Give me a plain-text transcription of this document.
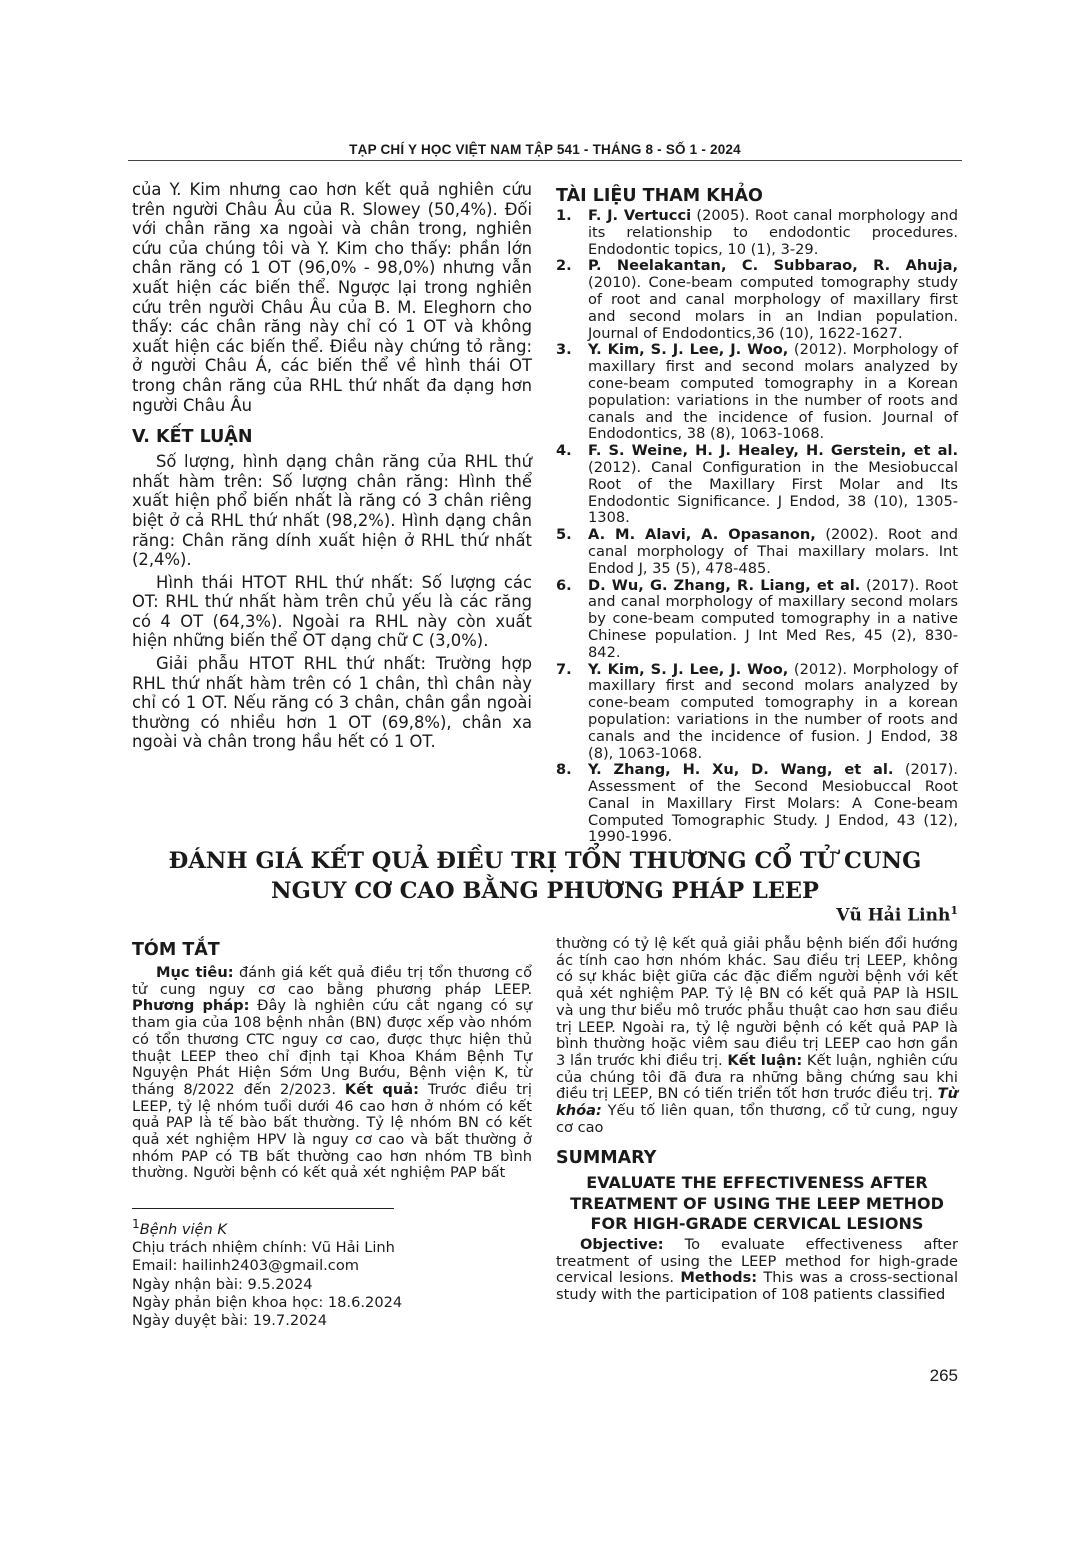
TẠP CHÍ Y HỌC VIỆT NAM TẬP 541 - THÁNG 8 - SỐ 1 - 2024

của Y. Kim nhưng cao hơn kết quả nghiên cứu trên người Châu Âu của R. Slowey (50,4%). Đối với chân răng xa ngoài và chân trong, nghiên cứu của chúng tôi và Y. Kim cho thấy: phần lớn chân răng có 1 OT (96,0% - 98,0%) nhưng vẫn xuất hiện các biến thể. Ngược lại trong nghiên cứu trên người Châu Âu của B. M. Eleghorn cho thấy: các chân răng này chỉ có 1 OT và không xuất hiện các biến thể. Điều này chứng tỏ rằng: ở người Châu Á, các biến thể về hình thái OT trong chân răng của RHL thứ nhất đa dạng hơn người Châu Âu

V. KẾT LUẬN

Số lượng, hình dạng chân răng của RHL thứ nhất hàm trên: Số lượng chân răng: Hình thể xuất hiện phổ biến nhất là răng có 3 chân riêng biệt ở cả RHL thứ nhất (98,2%). Hình dạng chân răng: Chân răng dính xuất hiện ở RHL thứ nhất (2,4%).

Hình thái HTOT RHL thứ nhất: Số lượng các OT: RHL thứ nhất hàm trên chủ yếu là các răng có 4 OT (64,3%). Ngoài ra RHL này còn xuất hiện những biến thể OT dạng chữ C (3,0%).

Giải phẫu HTOT RHL thứ nhất: Trường hợp RHL thứ nhất hàm trên có 1 chân, thì chân này chỉ có 1 OT. Nếu răng có 3 chân, chân gần ngoài thường có nhiều hơn 1 OT (69,8%), chân xa ngoài và chân trong hầu hết có 1 OT.

TÀI LIỆU THAM KHẢO

1. F. J. Vertucci (2005). Root canal morphology and its relationship to endodontic procedures. Endodontic topics, 10 (1), 3-29.

2. P. Neelakantan, C. Subbarao, R. Ahuja, (2010). Cone-beam computed tomography study of root and canal morphology of maxillary first and second molars in an Indian population. Journal of Endodontics,36 (10), 1622-1627.

3. Y. Kim, S. J. Lee, J. Woo, (2012). Morphology of maxillary first and second molars analyzed by cone-beam computed tomography in a Korean population: variations in the number of roots and canals and the incidence of fusion. Journal of Endodontics, 38 (8), 1063-1068.

4. F. S. Weine, H. J. Healey, H. Gerstein, et al. (2012). Canal Configuration in the Mesiobuccal Root of the Maxillary First Molar and Its Endodontic Significance. J Endod, 38 (10), 1305-1308.

5. A. M. Alavi, A. Opasanon, (2002). Root and canal morphology of Thai maxillary molars. Int Endod J, 35 (5), 478-485.

6. D. Wu, G. Zhang, R. Liang, et al. (2017). Root and canal morphology of maxillary second molars by cone-beam computed tomography in a native Chinese population. J Int Med Res, 45 (2), 830-842.

7. Y. Kim, S. J. Lee, J. Woo, (2012). Morphology of maxillary first and second molars analyzed by cone-beam computed tomography in a korean population: variations in the number of roots and canals and the incidence of fusion. J Endod, 38 (8), 1063-1068.

8. Y. Zhang, H. Xu, D. Wang, et al. (2017). Assessment of the Second Mesiobuccal Root Canal in Maxillary First Molars: A Cone-beam Computed Tomographic Study. J Endod, 43 (12), 1990-1996.

ĐÁNH GIÁ KẾT QUẢ ĐIỀU TRỊ TỔN THƯƠNG CỔ TỬ CUNG
NGUY CƠ CAO BẰNG PHƯƠNG PHÁP LEEP
Vũ Hải Linh$^1$
TÓM TẮT

Mục tiêu: đánh giá kết quả điều trị tổn thương cổ tử cung nguy cơ cao bằng phương pháp LEEP. Phương pháp: Đây là nghiên cứu cắt ngang có sự tham gia của 108 bệnh nhân (BN) được xếp vào nhóm có tổn thương CTC nguy cơ cao, được thực hiện thủ thuật LEEP theo chỉ định tại Khoa Khám Bệnh Tự Nguyện Phát Hiện Sớm Ung Bướu, Bệnh viện K, từ tháng 8/2022 đến 2/2023. Kết quả: Trước điều trị LEEP, tỷ lệ nhóm tuổi dưới 46 cao hơn ở nhóm có kết quả PAP là tế bào bất thường. Tỷ lệ nhóm BN có kết quả xét nghiệm HPV là nguy cơ cao và bất thường ở nhóm PAP có TB bất thường cao hơn nhóm TB bình thường. Người bệnh có kết quả xét nghiệm PAP bất

$^1$Bệnh viện K

Chịu trách nhiệm chính: Vũ Hải Linh

Email: hailinh2403@gmail.com

Ngày nhận bài: 9.5.2024

Ngày phản biện khoa học: 18.6.2024

Ngày duyệt bài: 19.7.2024

thường có tỷ lệ kết quả giải phẫu bệnh biến đổi hướng ác tính cao hơn nhóm khác. Sau điều trị LEEP, không có sự khác biệt giữa các đặc điểm người bệnh với kết quả xét nghiệm PAP. Tỷ lệ BN có kết quả PAP là HSIL và ung thư biểu mô trước phẫu thuật cao hơn sau điều trị LEEP. Ngoài ra, tỷ lệ người bệnh có kết quả PAP là bình thường hoặc viêm sau điều trị LEEP cao hơn gần 3 lần trước khi điều trị. Kết luận: Kết luận, nghiên cứu của chúng tôi đã đưa ra những bằng chứng sau khi điều trị LEEP, BN có tiến triển tốt hơn trước điều trị. Từ khóa: Yếu tố liên quan, tổn thương, cổ tử cung, nguy cơ cao

SUMMARY
EVALUATE THE EFFECTIVENESS AFTER
TREATMENT OF USING THE LEEP METHOD
FOR HIGH-GRADE CERVICAL LESIONS

Objective: To evaluate effectiveness after treatment of using the LEEP method for high-grade cervical lesions. Methods: This was a cross-sectional study with the participation of 108 patients classified

265
